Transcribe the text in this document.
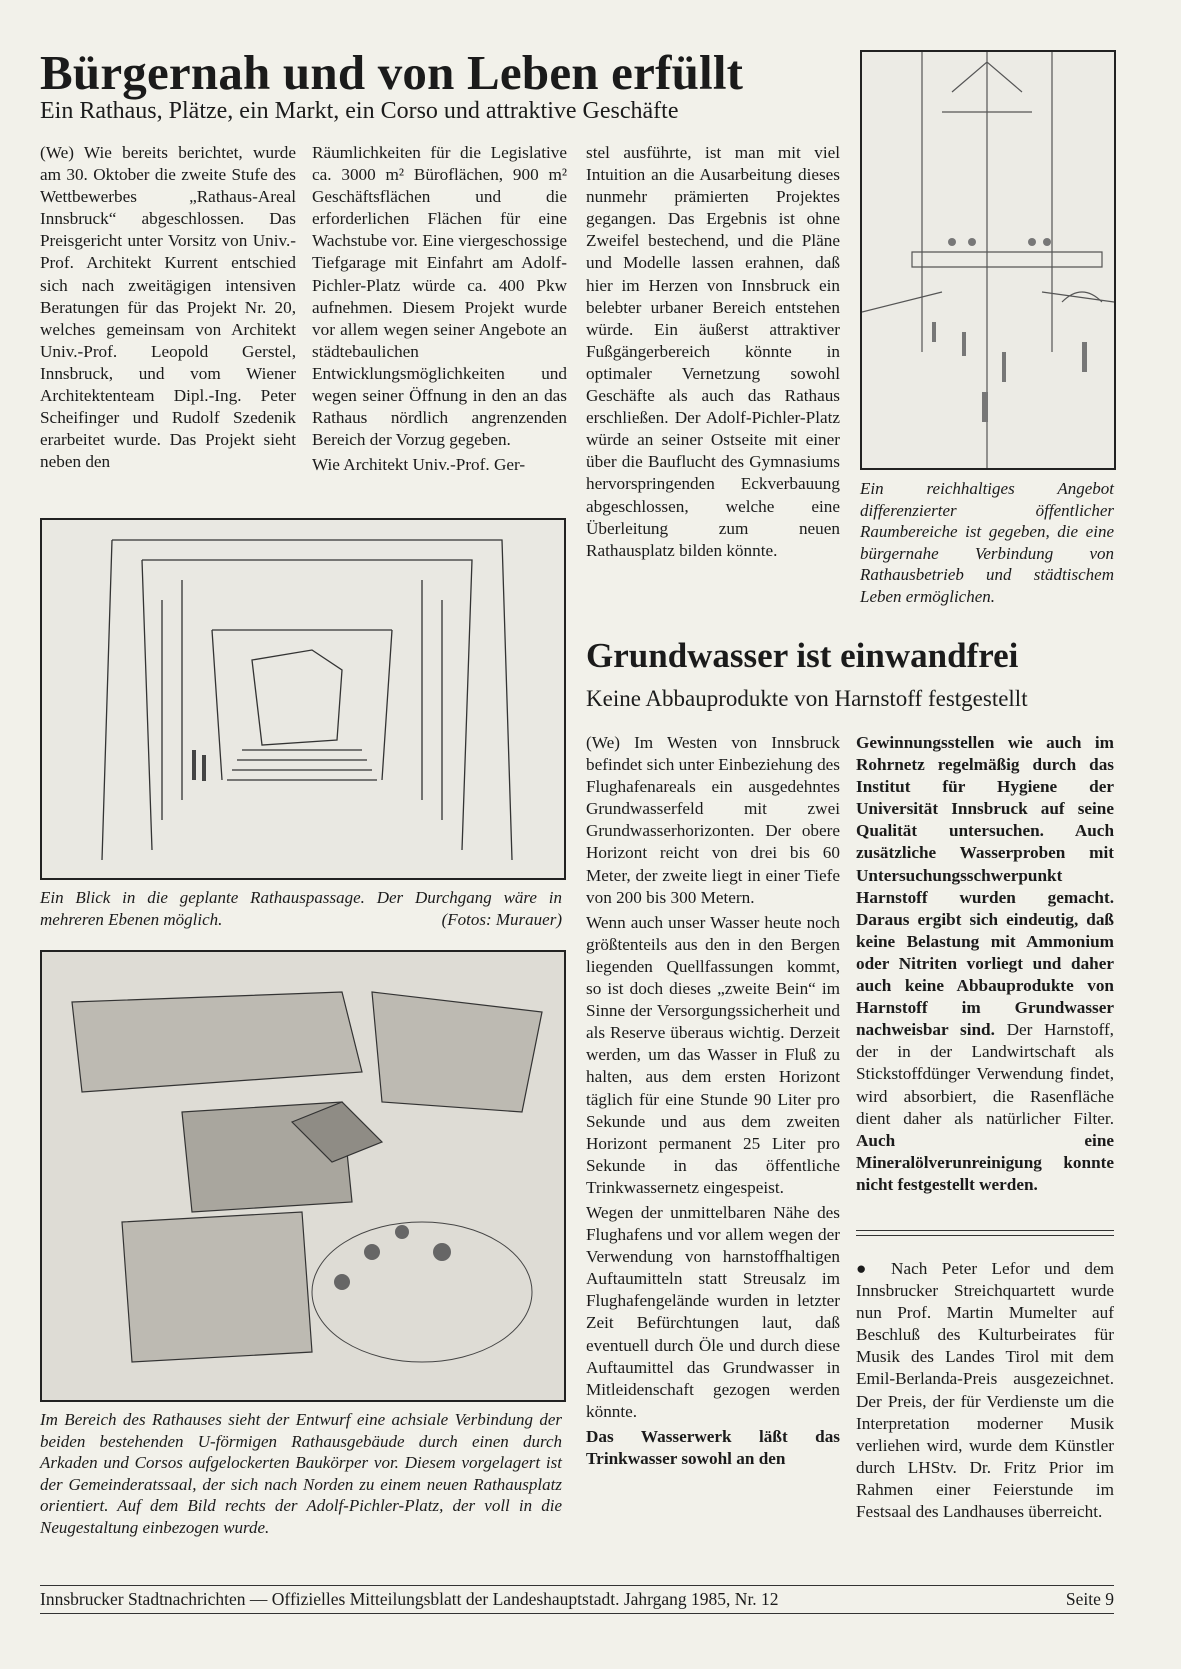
Bürgernah und von Leben erfüllt
Ein Rathaus, Plätze, ein Markt, ein Corso und attraktive Geschäfte

(We) Wie bereits berichtet, wurde am 30. Oktober die zweite Stufe des Wettbewerbes „Rathaus-Areal Innsbruck“ abgeschlossen. Das Preisgericht unter Vorsitz von Univ.-Prof. Architekt Kurrent entschied sich nach zweitägigen intensiven Beratungen für das Projekt Nr. 20, welches gemeinsam von Architekt Univ.-Prof. Leopold Gerstel, Innsbruck, und vom Wiener Architektenteam Dipl.-Ing. Peter Scheifinger und Rudolf Szedenik erarbeitet wurde. Das Projekt sieht neben den

Räumlichkeiten für die Legislative ca. 3000 m² Büroflächen, 900 m² Geschäftsflächen und die erforderlichen Flächen für eine Wachstube vor. Eine viergeschossige Tiefgarage mit Einfahrt am Adolf-Pichler-Platz würde ca. 400 Pkw aufnehmen. Diesem Projekt wurde vor allem wegen seiner Angebote an städtebaulichen Entwicklungsmöglichkeiten und wegen seiner Öffnung in den an das Rathaus nördlich angrenzenden Bereich der Vorzug gegeben.

Wie Architekt Univ.-Prof. Ger-

stel ausführte, ist man mit viel Intuition an die Ausarbeitung dieses nunmehr prämierten Projektes gegangen. Das Ergebnis ist ohne Zweifel bestechend, und die Pläne und Modelle lassen erahnen, daß hier im Herzen von Innsbruck ein belebter urbaner Bereich entstehen würde. Ein äußerst attraktiver Fußgängerbereich könnte in optimaler Vernetzung sowohl Geschäfte als auch das Rathaus erschließen. Der Adolf-Pichler-Platz würde an seiner Ostseite mit einer über die Bauflucht des Gymnasiums hervorspringenden Eckverbauung abgeschlossen, welche eine Überleitung zum neuen Rathausplatz bilden könnte.

Ein reichhaltiges Angebot differenzierter öffentlicher Raumbereiche ist gegeben, die eine bürgernahe Verbindung von Rathausbetrieb und städtischem Leben ermöglichen.
Ein Blick in die geplante Rathauspassage. Der Durchgang wäre in mehreren Ebenen möglich.	(Fotos: Murauer)
Im Bereich des Rathauses sieht der Entwurf eine achsiale Verbindung der beiden bestehenden U-förmigen Rathausgebäude durch einen durch Arkaden und Corsos aufgelockerten Baukörper vor. Diesem vorgelagert ist der Gemeinderatssaal, der sich nach Norden zu einem neuen Rathausplatz orientiert. Auf dem Bild rechts der Adolf-Pichler-Platz, der voll in die Neugestaltung einbezogen wurde.
Grundwasser ist einwandfrei
Keine Abbauprodukte von Harnstoff festgestellt

(We) Im Westen von Innsbruck befindet sich unter Einbeziehung des Flughafenareals ein ausgedehntes Grundwasserfeld mit zwei Grundwasserhorizonten. Der obere Horizont reicht von drei bis 60 Meter, der zweite liegt in einer Tiefe von 200 bis 300 Metern.

Wenn auch unser Wasser heute noch größtenteils aus den in den Bergen liegenden Quellfassungen kommt, so ist doch dieses „zweite Bein“ im Sinne der Versorgungssicherheit und als Reserve überaus wichtig. Derzeit werden, um das Wasser in Fluß zu halten, aus dem ersten Horizont täglich für eine Stunde 90 Liter pro Sekunde und aus dem zweiten Horizont permanent 25 Liter pro Sekunde in das öffentliche Trinkwassernetz eingespeist.

Wegen der unmittelbaren Nähe des Flughafens und vor allem wegen der Verwendung von harnstoffhaltigen Auftaumitteln statt Streusalz im Flughafengelände wurden in letzter Zeit Befürchtungen laut, daß eventuell durch Öle und durch diese Auftaumittel das Grundwasser in Mitleidenschaft gezogen werden könnte.

Das Wasserwerk läßt das Trinkwasser sowohl an den

Gewinnungsstellen wie auch im Rohrnetz regelmäßig durch das Institut für Hygiene der Universität Innsbruck auf seine Qualität untersuchen. Auch zusätzliche Wasserproben mit Untersuchungsschwerpunkt Harnstoff wurden gemacht. Daraus ergibt sich eindeutig, daß keine Belastung mit Ammonium oder Nitriten vorliegt und daher auch keine Abbauprodukte von Harnstoff im Grundwasser nachweisbar sind. Der Harnstoff, der in der Landwirtschaft als Stickstoffdünger Verwendung findet, wird absorbiert, die Rasenfläche dient daher als natürlicher Filter. Auch eine Mineralölverunreinigung konnte nicht festgestellt werden.

● Nach Peter Lefor und dem Innsbrucker Streichquartett wurde nun Prof. Martin Mumelter auf Beschluß des Kulturbeirates für Musik des Landes Tirol mit dem Emil-Berlanda-Preis ausgezeichnet. Der Preis, der für Verdienste um die Interpretation moderner Musik verliehen wird, wurde dem Künstler durch LHStv. Dr. Fritz Prior im Rahmen einer Feierstunde im Festsaal des Landhauses überreicht.

Innsbrucker Stadtnachrichten — Offizielles Mitteilungsblatt der Landeshauptstadt. Jahrgang 1985, Nr. 12	Seite 9
